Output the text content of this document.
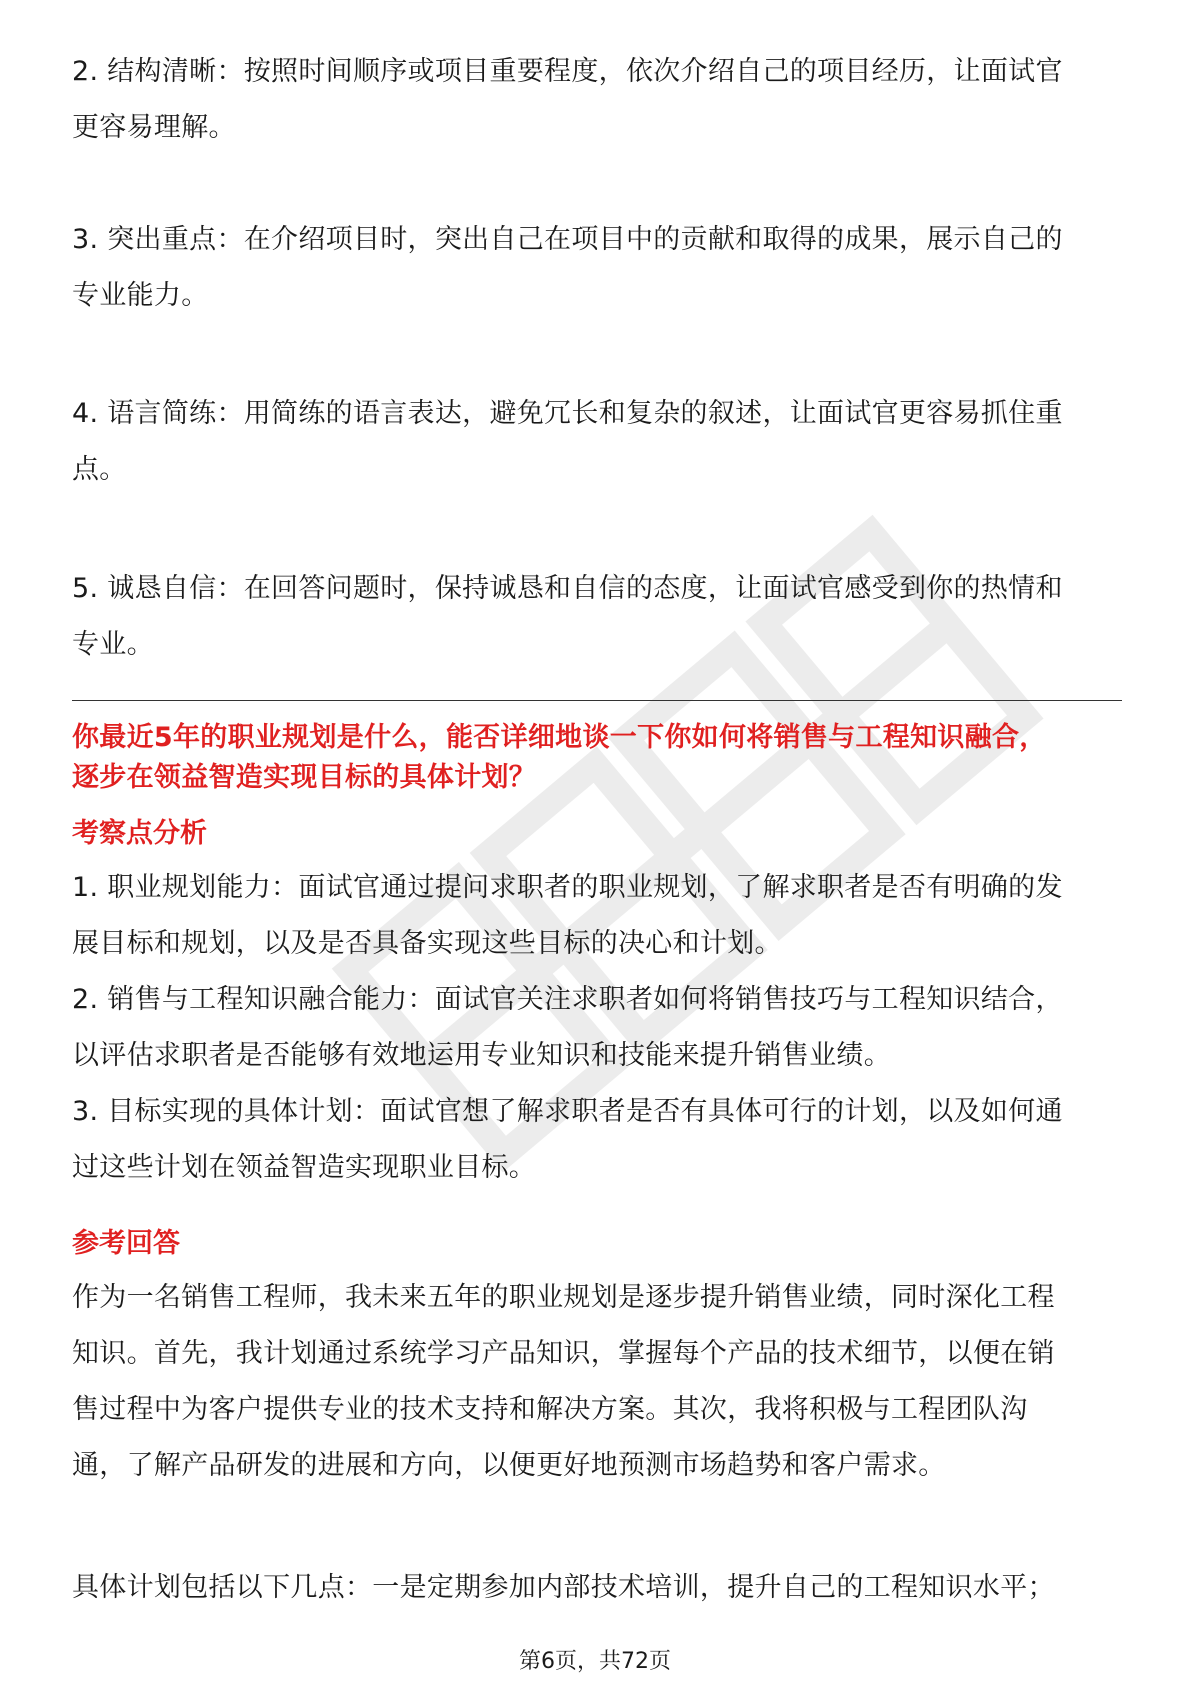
2. 结构清晰：按照时间顺序或项目重要程度，依次介绍自己的项目经历，让面试官
更容易理解。

3. 突出重点：在介绍项目时，突出自己在项目中的贡献和取得的成果，展示自己的
专业能力。

4. 语言简练：用简练的语言表达，避免冗长和复杂的叙述，让面试官更容易抓住重
点。

5. 诚恳自信：在回答问题时，保持诚恳和自信的态度，让面试官感受到你的热情和
专业。

你最近5年的职业规划是什么，能否详细地谈一下你如何将销售与工程知识融合，
逐步在领益智造实现目标的具体计划？

考察点分析

1. 职业规划能力：面试官通过提问求职者的职业规划，了解求职者是否有明确的发
展目标和规划，以及是否具备实现这些目标的决心和计划。
2. 销售与工程知识融合能力：面试官关注求职者如何将销售技巧与工程知识结合，
以评估求职者是否能够有效地运用专业知识和技能来提升销售业绩。
3. 目标实现的具体计划：面试官想了解求职者是否有具体可行的计划，以及如何通
过这些计划在领益智造实现职业目标。

参考回答

作为一名销售工程师，我未来五年的职业规划是逐步提升销售业绩，同时深化工程
知识。首先，我计划通过系统学习产品知识，掌握每个产品的技术细节，以便在销
售过程中为客户提供专业的技术支持和解决方案。其次，我将积极与工程团队沟
通，了解产品研发的进展和方向，以便更好地预测市场趋势和客户需求。

具体计划包括以下几点：一是定期参加内部技术培训，提升自己的工程知识水平；

第6页，共72页
